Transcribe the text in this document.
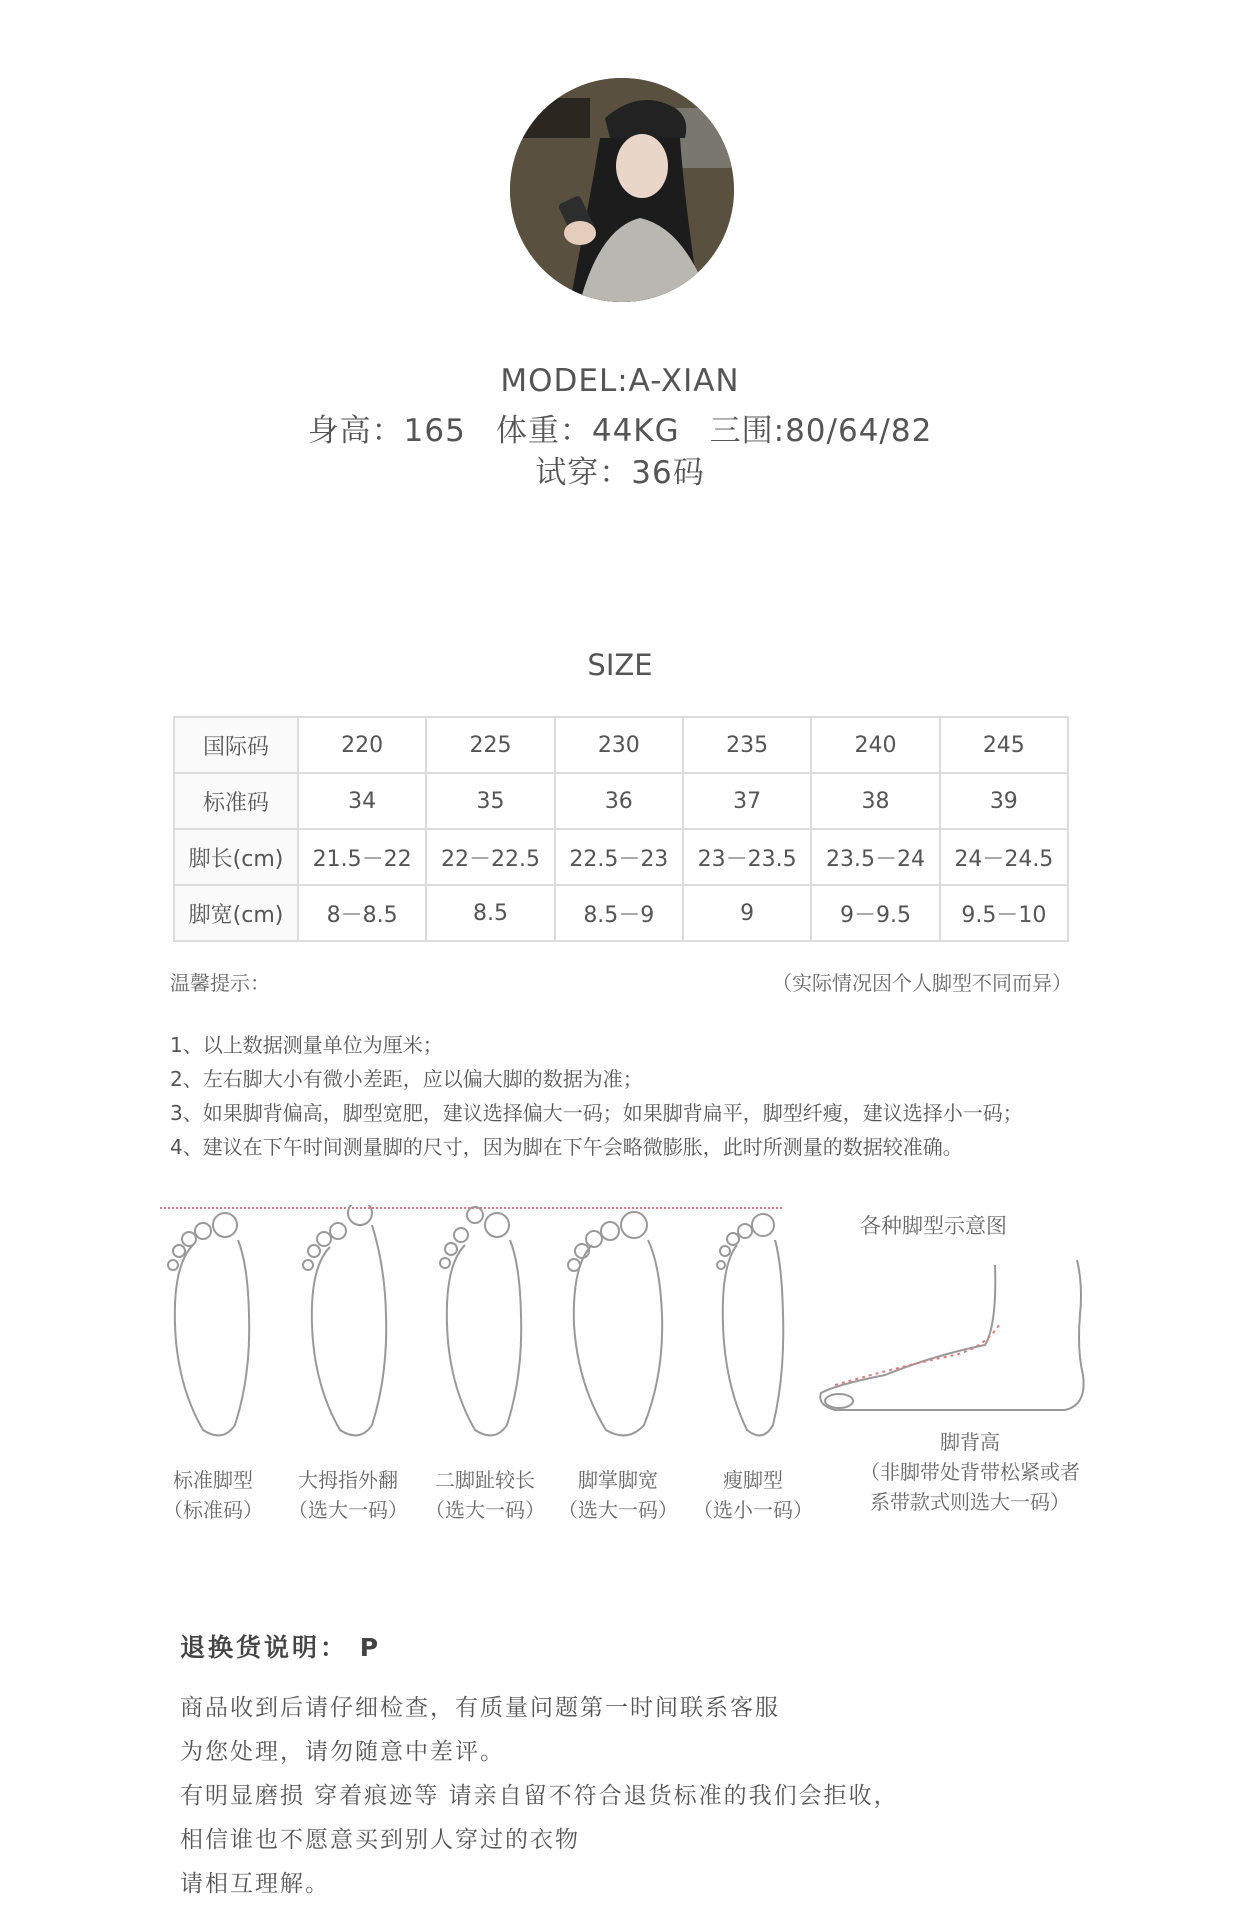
MODEL:A-XIAN
身高：165 体重：44KG 三围:80/64/82
试穿：36码
SIZE
国际码	220	225	230	235	240	245
标准码	34	35	36	37	38	39
脚长(cm)	21.5－22	22－22.5	22.5－23	23－23.5	23.5－24	24－24.5
脚宽(cm)	8－8.5	8.5	8.5－9	9	9－9.5	9.5－10
温馨提示：	（实际情况因个人脚型不同而异）
1、以上数据测量单位为厘米；
2、左右脚大小有微小差距，应以偏大脚的数据为准；
3、如果脚背偏高，脚型宽肥，建议选择偏大一码；如果脚背扁平，脚型纤瘦，建议选择小一码；
4、建议在下午时间测量脚的尺寸，因为脚在下午会略微膨胀，此时所测量的数据较准确。
标准脚型
（标准码）
大拇指外翻
（选大一码）
二脚趾较长
（选大一码）
脚掌脚宽
（选大一码）
瘦脚型
（选小一码）
各种脚型示意图
脚背高
（非脚带处背带松紧或者
系带款式则选大一码）
退换货说明： P
商品收到后请仔细检查，有质量问题第一时间联系客服
为您处理，请勿随意中差评。
有明显磨损 穿着痕迹等 请亲自留不符合退货标准的我们会拒收，
相信谁也不愿意买到别人穿过的衣物
请相互理解。
